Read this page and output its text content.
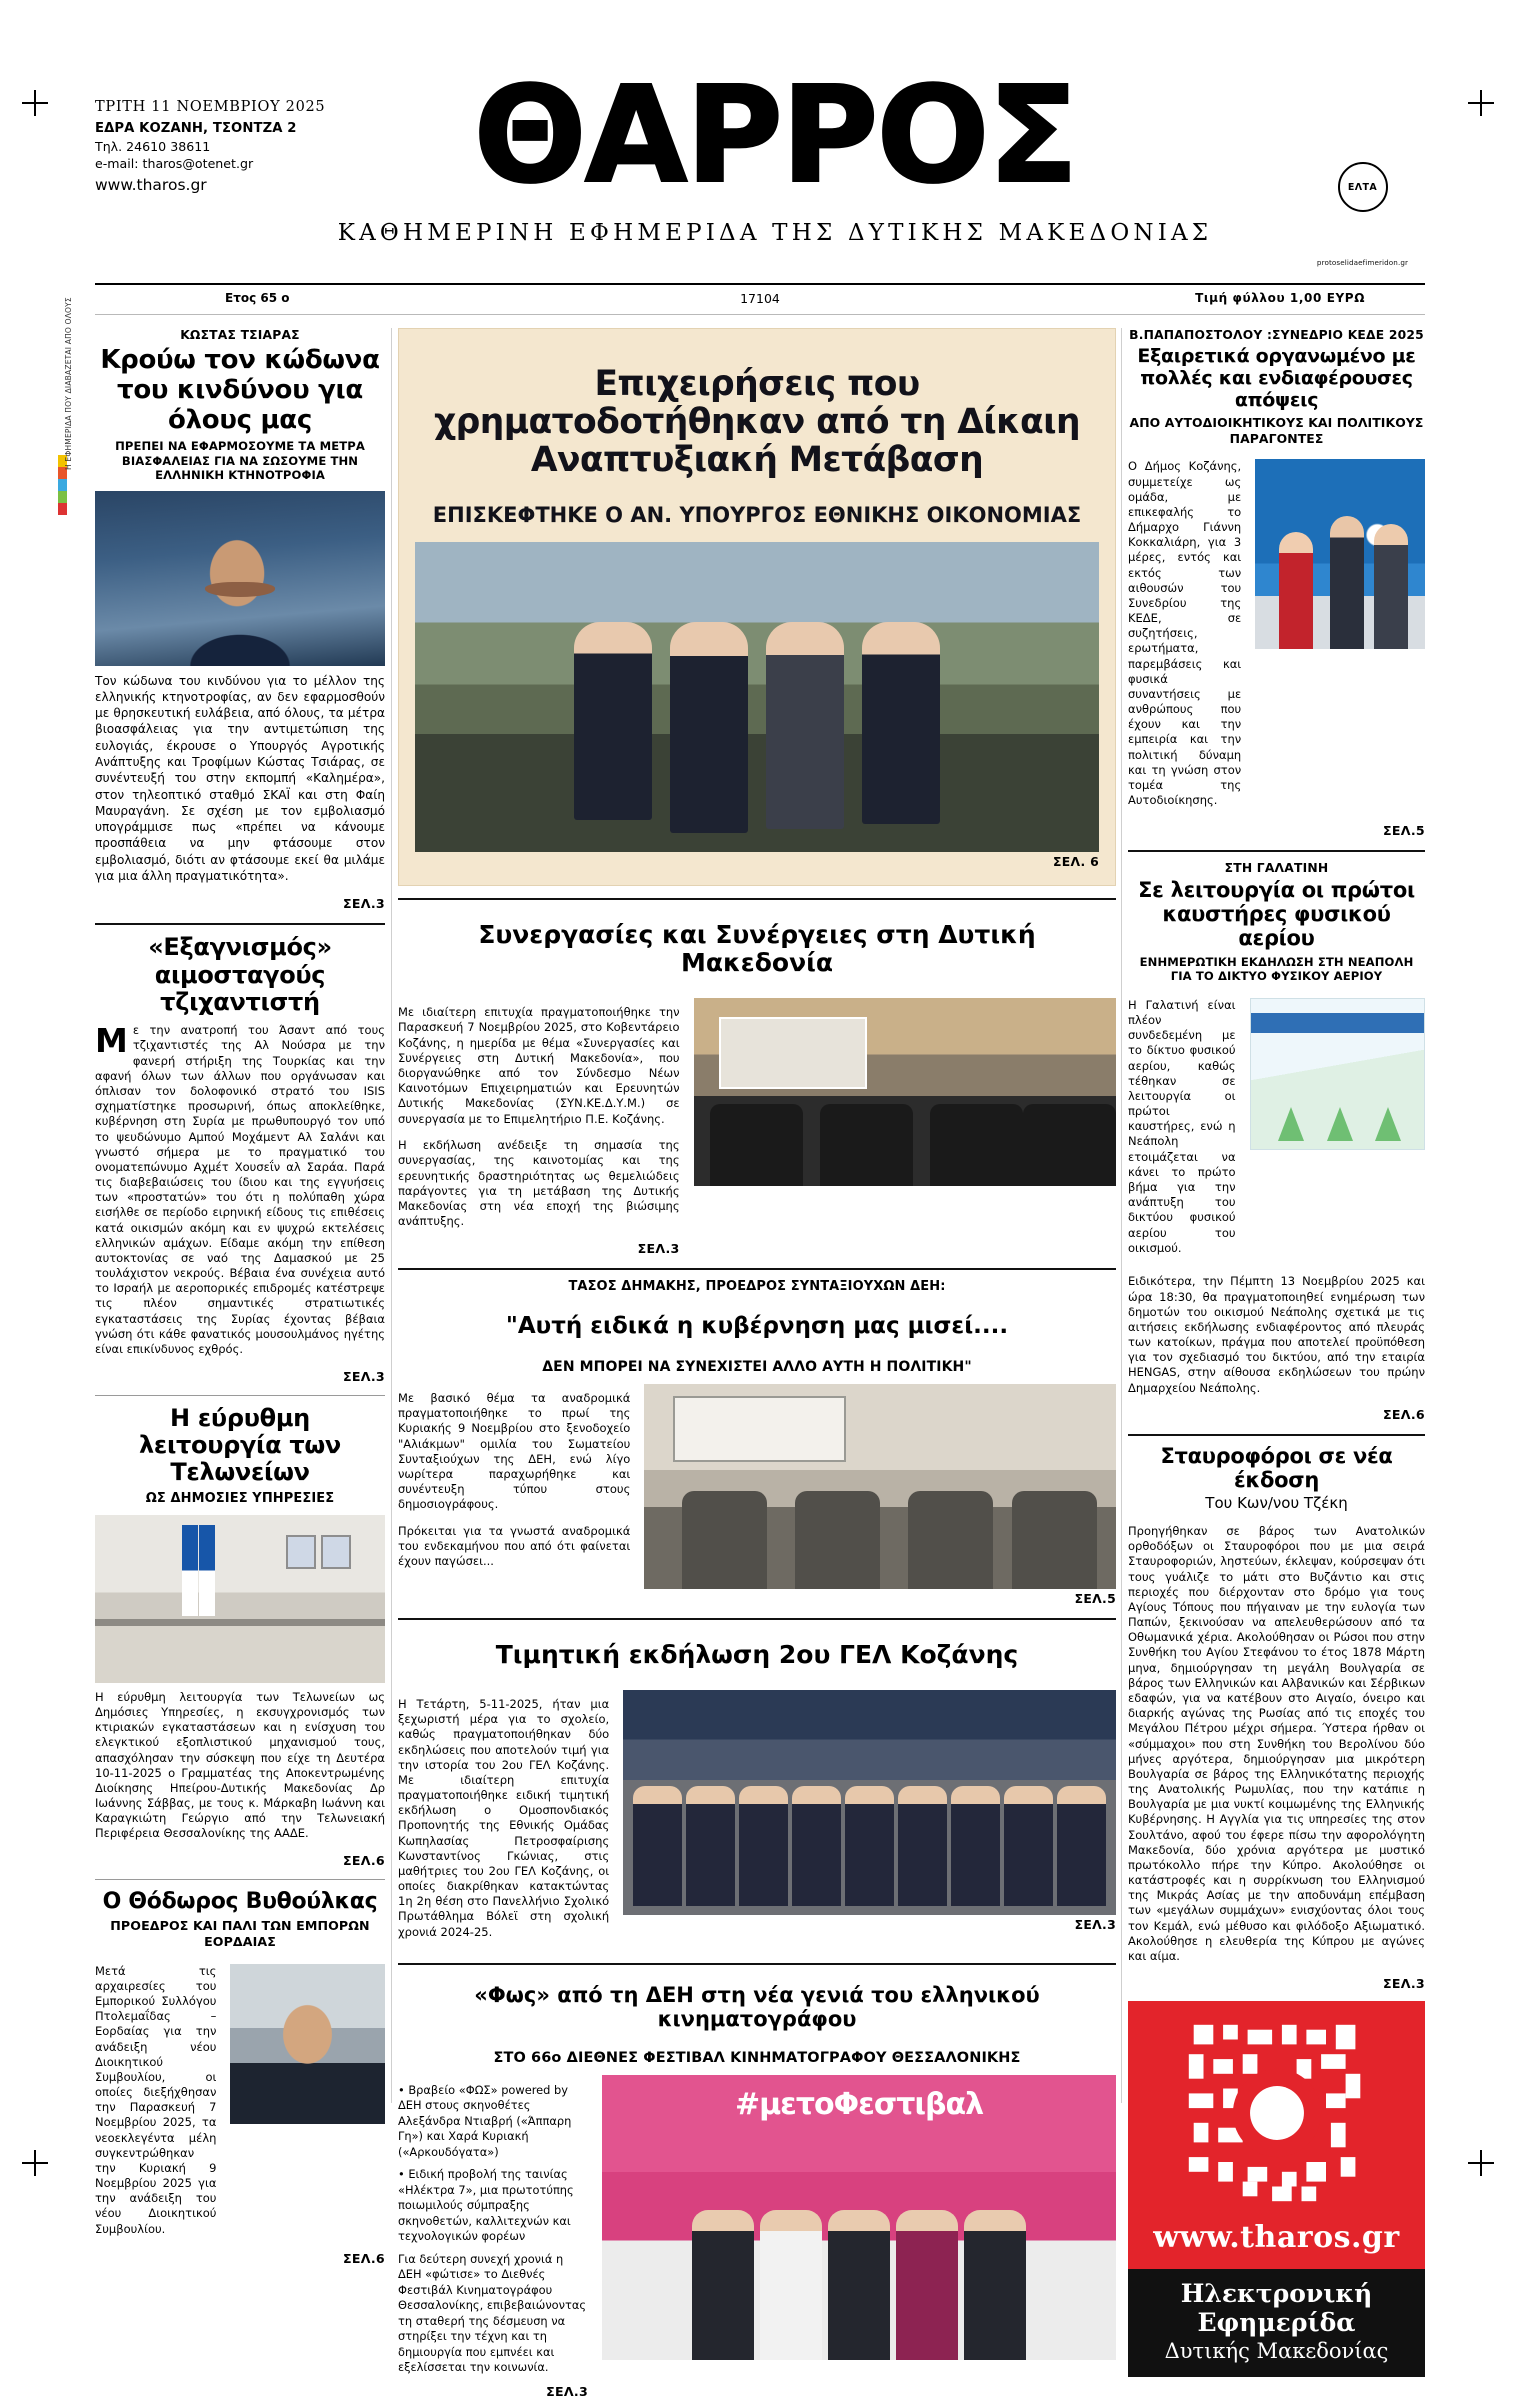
ΤΡΙΤΗ 11 ΝΟΕΜΒΡΙΟΥ 2025
ΕΔΡΑ ΚΟΖΑΝΗ, ΤΣΟΝΤΖΑ 2
Τηλ. 24610 38611
e-mail: tharos@otenet.gr
www.tharos.gr	ΘΑΡΡΟΣ
ΚΑΘΗΜΕΡΙΝΗ ΕΦΗΜΕΡΙΔΑ ΤΗΣ ΔΥΤΙΚΗΣ ΜΑΚΕΔΟΝΙΑΣ
ΕΛΤΑ
protoselidaefimeridon.gr
Ετος 65 ο	17104	Τιμή φύλλου 1,00 ΕΥΡΩ
Η ΕΦΗΜΕΡΙΔΑ ΠΟΥ ΔΙΑΒΑΖΕΤΑΙ ΑΠΟ ΟΛΟΥΣ	ΚΩΣΤΑΣ ΤΣΙΑΡΑΣ
Κρούω τον κώδωνα του κινδύνου για όλους μας
ΠΡΕΠΕΙ ΝΑ ΕΦΑΡΜΟΣΟΥΜΕ ΤΑ ΜΕΤΡΑ ΒΙΑΣΦΑΛΕΙΑΣ ΓΙΑ ΝΑ ΣΩΣΟΥΜΕ ΤΗΝ ΕΛΛΗΝΙΚΗ ΚΤΗΝΟΤΡΟΦΙΑ

Τον κώδωνα του κινδύνου για το μέλλον της ελληνικής κτηνοτροφίας, αν δεν εφαρμοσθούν με θρησκευτική ευλάβεια, από όλους, τα μέτρα βιοασφάλειας για την αντιμετώπιση της ευλογιάς, έκρουσε ο Υπουργός Αγροτικής Ανάπτυξης και Τροφίμων Κώστας Τσιάρας, σε συνέντευξή του στην εκπομπή «Καλημέρα», στον τηλεοπτικό σταθμό ΣΚΑΪ και στη Φαίη Μαυραγάνη. Σε σχέση με τον εμβολιασμό υπογράμμισε πως «πρέπει να κάνουμε προσπάθεια να μην φτάσουμε στον εμβολιασμό, διότι αν φτάσουμε εκεί θα μιλάμε για μια άλλη πραγματικότητα».

ΣΕΛ.3
«Εξαγνισμός» αιμοσταγούς τζιχαντιστή

Με την ανατροπή του Άσαντ από τους τζιχαντιστές της Αλ Νούσρα με την φανερή στήριξη της Τουρκίας και την αφανή όλων των άλλων που οργάνωσαν και όπλισαν τον δολοφονικό στρατό του ISIS σχηματίστηκε προσωρινή, όπως αποκλείθηκε, κυβέρνηση στη Συρία με πρωθυπουργό τον υπό το ψευδώνυμο Αμπού Μοχάμεντ Αλ Σαλάνι και γνωστό σήμερα με το πραγματικό του ονοματεπώνυμο Αχμέτ Χουσεΐν αλ Σαράα. Παρά τις διαβεβαιώσεις του ίδιου και της εγγυήσεις των «προστατών» του ότι η πολύπαθη χώρα εισήλθε σε περίοδο ειρηνική είδους τις επιθέσεις κατά οικισμών ακόμη και εν ψυχρώ εκτελέσεις ελληνικών αμάχων. Είδαμε ακόμη την επίθεση αυτοκτονίας σε ναό της Δαμασκού με 25 τουλάχιστον νεκρούς. Βέβαια ένα συνέχεια αυτό το Ισραήλ με αεροπορικές επιδρομές κατέστρεψε τις πλέον σημαντικές στρατιωτικές εγκαταστάσεις της Συρίας έχοντας βέβαια γνώση ότι κάθε φανατικός μουσουλμάνος ηγέτης είναι επικίνδυνος εχθρός.

ΣΕΛ.3
Η εύρυθμη λειτουργία των Τελωνείων
ΩΣ ΔΗΜΟΣΙΕΣ ΥΠΗΡΕΣΙΕΣ

Η εύρυθμη λειτουργία των Τελωνείων ως Δημόσιες Υπηρεσίες, η εκσυγχρονισμός των κτιριακών εγκαταστάσεων και η ενίσχυση του ελεγκτικού εξοπλιστικού μηχανισμού τους, απασχόλησαν την σύσκεψη που είχε τη Δευτέρα 10-11-2025 ο Γραμματέας της Αποκεντρωμένης Διοίκησης Ηπείρου-Δυτικής Μακεδονίας Δρ Ιωάννης Σάββας, με τους κ. Μάρκαβη Ιωάννη και Καραγκιώτη Γεώργιο από την Τελωνειακή Περιφέρεια Θεσσαλονίκης της ΑΑΔΕ.

ΣΕΛ.6
Ο Θόδωρος Βυθούλκας
ΠΡΟΕΔΡΟΣ ΚΑΙ ΠΑΛΙ ΤΩΝ ΕΜΠΟΡΩΝ ΕΟΡΔΑΙΑΣ

Μετά τις αρχαιρεσίες του Εμπορικού Συλλόγου Πτολεμαΐδας – Εορδαίας για την ανάδειξη νέου Διοικητικού Συμβουλίου, οι οποίες διεξήχθησαν την Παρασκευή 7 Νοεμβρίου 2025, τα νεοεκλεγέντα μέλη συγκεντρώθηκαν την Κυριακή 9 Νοεμβρίου 2025 για την ανάδειξη του νέου Διοικητικού Συμβουλίου.

ΣΕΛ.6
Επιχειρήσεις που χρηματοδοτήθηκαν από τη Δίκαιη Αναπτυξιακή Μετάβαση
ΕΠΙΣΚΕΦΤΗΚΕ Ο ΑΝ. ΥΠΟΥΡΓΟΣ ΕΘΝΙΚΗΣ ΟΙΚΟΝΟΜΙΑΣ
ΣΕΛ. 6
Συνεργασίες και Συνέργειες στη Δυτική Μακεδονία

Με ιδιαίτερη επιτυχία πραγματοποιήθηκε την Παρασκευή 7 Νοεμβρίου 2025, στο Κοβεντάρειο Κοζάνης, η ημερίδα με θέμα «Συνεργασίες και Συνέργειες στη Δυτική Μακεδονία», που διοργανώθηκε από τον Σύνδεσμο Νέων Καινοτόμων Επιχειρηματιών και Ερευνητών Δυτικής Μακεδονίας (ΣΥΝ.ΚΕ.Δ.Υ.Μ.) σε συνεργασία με το Επιμελητήριο Π.Ε. Κοζάνης.

Η εκδήλωση ανέδειξε τη σημασία της συνεργασίας, της καινοτομίας και της ερευνητικής δραστηριότητας ως θεμελιώδεις παράγοντες για τη μετάβαση της Δυτικής Μακεδονίας στη νέα εποχή της βιώσιμης ανάπτυξης.

ΣΕΛ.3
ΤΑΣΟΣ ΔΗΜΑΚΗΣ, ΠΡΟΕΔΡΟΣ ΣΥΝΤΑΞΙΟΥΧΩΝ ΔΕΗ:
"Αυτή ειδικά η κυβέρνηση μας μισεί....
ΔΕΝ ΜΠΟΡΕΙ ΝΑ ΣΥΝΕΧΙΣΤΕΙ ΑΛΛΟ ΑΥΤΗ Η ΠΟΛΙΤΙΚΗ"

Με βασικό θέμα τα αναδρομικά πραγματοποιήθηκε το πρωί της Κυριακής 9 Νοεμβρίου στο ξενοδοχείο "Αλιάκμων" ομιλία του Σωματείου Συνταξιούχων της ΔΕΗ, ενώ λίγο νωρίτερα παραχωρήθηκε και συνέντευξη τύπου στους δημοσιογράφους.

Πρόκειται για τα γνωστά αναδρομικά του ενδεκαμήνου που από ότι φαίνεται έχουν παγώσει...

ΣΕΛ.5
Τιμητική εκδήλωση 2ου ΓΕΛ Κοζάνης

Η Τετάρτη, 5-11-2025, ήταν μια ξεχωριστή μέρα για το σχολείο, καθώς πραγματοποιήθηκαν δύο εκδηλώσεις που αποτελούν τιμή για την ιστορία του 2ου ΓΕΛ Κοζάνης. Με ιδιαίτερη επιτυχία πραγματοποιήθηκε ειδική τιμητική εκδήλωση ο Ομοσπονδιακός Προπονητής της Εθνικής Ομάδας Κωπηλασίας Πετροσφαίρισης Κωνσταντίνος Γκώνιας, στις μαθήτριες του 2ου ΓΕΛ Κοζάνης, οι οποίες διακρίθηκαν κατακτώντας 1η 2η θέση στο Πανελλήνιο Σχολικό Πρωτάθλημα Βόλεϊ στη σχολική χρονιά 2024-25.	ΣΕΛ.3
«Φως» από τη ΔΕΗ στη νέα γενιά του ελληνικού κινηματογράφου
ΣΤΟ 66ο ΔΙΕΘΝΕΣ ΦΕΣΤΙΒΑΛ ΚΙΝΗΜΑΤΟΓΡΑΦΟΥ ΘΕΣΣΑΛΟΝΙΚΗΣ

• Βραβείο «ΦΩΣ» powered by ΔΕΗ στους σκηνοθέτες Αλεξάνδρα Ντιαβρή («Άππαρη Γη») και Χαρά Κυριακή («Αρκουδόγατα»)

• Ειδική προβολή της ταινίας «Ηλέκτρα 7», μια πρωτοτύπης ποιωμιλούς σύμπραξης σκηνοθετών, καλλιτεχνών και τεχνολογικών φορέων

Για δεύτερη συνεχή χρονιά η ΔΕΗ «φώτισε» το Διεθνές Φεστιβάλ Κινηματογράφου Θεσσαλονίκης, επιβεβαιώνοντας τη σταθερή της δέσμευση να στηρίξει την τέχνη και τη δημιουργία που εμπνέει και εξελίσσεται την κοινωνία.

ΣΕΛ.3
#μετοΦεστιβαλ
Β.ΠΑΠΑΠΟΣΤΟΛΟΥ :ΣΥΝΕΔΡΙΟ ΚΕΔΕ 2025
Εξαιρετικά οργανωμένο με πολλές και ενδιαφέρουσες απόψεις
ΑΠΟ ΑΥΤΟΔΙΟΙΚΗΤΙΚΟΥΣ ΚΑΙ ΠΟΛΙΤΙΚΟΥΣ ΠΑΡΑΓΟΝΤΕΣ

Ο Δήμος Κοζάνης, συμμετείχε ως ομάδα, με επικεφαλής το Δήμαρχο Γιάννη Κοκκαλιάρη, για 3 μέρες, εντός και εκτός των αιθουσών του Συνεδρίου της ΚΕΔΕ, σε συζητήσεις, ερωτήματα, παρεμβάσεις και φυσικά συναντήσεις με ανθρώπους που έχουν και την εμπειρία και την πολιτική δύναμη και τη γνώση στον τομέα της Αυτοδιοίκησης.

ΣΕΛ.5
ΣΤΗ ΓΑΛΑΤΙΝΗ
Σε λειτουργία οι πρώτοι καυστήρες φυσικού αερίου
ΕΝΗΜΕΡΩΤΙΚΗ ΕΚΔΗΛΩΣΗ ΣΤΗ ΝΕΑΠΟΛΗ ΓΙΑ ΤΟ ΔΙΚΤΥΟ ΦΥΣΙΚΟΥ ΑΕΡΙΟΥ

Η Γαλατινή είναι πλέον συνδεδεμένη με το δίκτυο φυσικού αερίου, καθώς τέθηκαν σε λειτουργία οι πρώτοι καυστήρες, ενώ η Νεάπολη ετοιμάζεται να κάνει το πρώτο βήμα για την ανάπτυξη του δικτύου φυσικού αερίου του οικισμού.

Ειδικότερα, την Πέμπτη 13 Νοεμβρίου 2025 και ώρα 18:30, θα πραγματοποιηθεί ενημέρωση των δημοτών του οικισμού Νεάπολης σχετικά με τις αιτήσεις εκδήλωσης ενδιαφέροντος από πλευράς των κατοίκων, πράγμα που αποτελεί προϋπόθεση για τον σχεδιασμό του δικτύου, από την εταιρία HENGAS, στην αίθουσα εκδηλώσεων του πρώην Δημαρχείου Νεάπολης.

ΣΕΛ.6
Σταυροφόροι σε νέα έκδοση
Του Κων/νου Τζέκη

Προηγήθηκαν σε βάρος των Ανατολικών ορθοδόξων οι Σταυροφόροι που με μια σειρά Σταυροφοριών, ληστεύων, έκλεψαν, κούρσεψαν ότι τους γυάλιζε το μάτι στο Βυζάντιο και στις περιοχές που διέρχονταν στο δρόμο για τους Αγίους Τόπους που πήγαιναν με την ευλογία των Παπών, ξεκινούσαν να απελευθερώσουν από τα Οθωμανικά χέρια. Ακολούθησαν οι Ρώσοι που στην Συνθήκη του Αγίου Στεφάνου το έτος 1878 Μάρτη μηνα, δημιούργησαν τη μεγάλη Βουλγαρία σε βάρος των Ελληνικών και Αλβανικών και Σέρβικων εδαφών, για να κατέβουν στο Αιγαίο, όνειρο και διαρκής αγώνας της Ρωσίας από τις εποχές του Μεγάλου Πέτρου μέχρι σήμερα. Ύστερα ήρθαν οι «σύμμαχοι» που στη Συνθήκη του Βερολίνου δύο μήνες αργότερα, δημιούργησαν μια μικρότερη Βουλγαρία σε βάρος της Ελληνικότατης περιοχής της Ανατολικής Ρωμυλίας, που την κατάπιε η Βουλγαρία με μια νυκτί κοιμωμένης της Ελληνικής Κυβέρνησης. Η Αγγλία για τις υπηρεσίες της στον Σουλτάνο, αφού του έφερε πίσω την αφορολόγητη Μακεδονία, δύο χρόνια αργότερα με μυστικό πρωτόκολλο πήρε την Κύπρο. Ακολούθησε οι κατάστροφές και η συρρίκνωση του Ελληνισμού της Μικράς Ασίας με την αποδυνάμη επέμβαση των «μεγάλων συμμάχων» ενισχύοντας όλοι τους τον Κεμάλ, ενώ μέθυσο και φιλόδοξο Αξιωματικό. Ακολούθησε η ελευθερία της Κύπρου με αγώνες και αίμα.

ΣΕΛ.3
www.tharos.gr
Ηλεκτρονική Εφημερίδα
Δυτικής Μακεδονίας
